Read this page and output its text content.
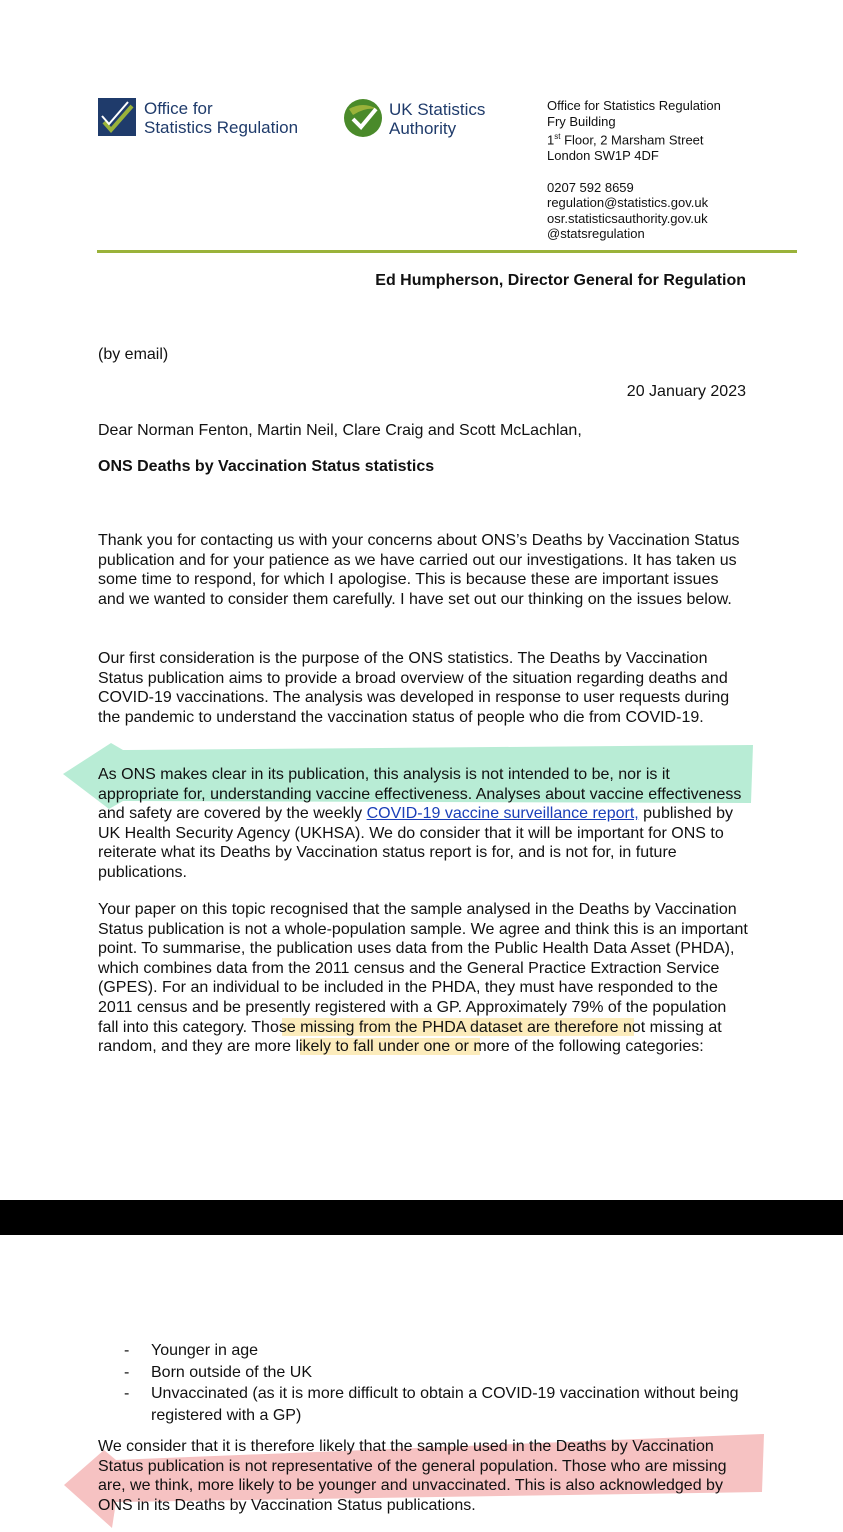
Office for
Statistics Regulation
UK Statistics
Authority
Office for Statistics Regulation
Fry Building
1st Floor, 2 Marsham Street
London SW1P 4DF
0207 592 8659
regulation@statistics.gov.uk
osr.statisticsauthority.gov.uk
@statsregulation
Ed Humpherson, Director General for Regulation
(by email)
20 January 2023
Dear Norman Fenton, Martin Neil, Clare Craig and Scott McLachlan,
ONS Deaths by Vaccination Status statistics
Thank you for contacting us with your concerns about ONS’s Deaths by Vaccination Status publication and for your patience as we have carried out our investigations. It has taken us some time to respond, for which I apologise. This is because these are important issues and we wanted to consider them carefully. I have set out our thinking on the issues below.
Our first consideration is the purpose of the ONS statistics. The Deaths by Vaccination Status publication aims to provide a broad overview of the situation regarding deaths and COVID-19 vaccinations. The analysis was developed in response to user requests during the pandemic to understand the vaccination status of people who die from COVID-19.
As ONS makes clear in its publication, this analysis is not intended to be, nor is it appropriate for, understanding vaccine effectiveness. Analyses about vaccine effectiveness and safety are covered by the weekly COVID-19 vaccine surveillance report, published by UK Health Security Agency (UKHSA). We do consider that it will be important for ONS to reiterate what its Deaths by Vaccination status report is for, and is not for, in future publications.
Your paper on this topic recognised that the sample analysed in the Deaths by Vaccination Status publication is not a whole-population sample. We agree and think this is an important point. To summarise, the publication uses data from the Public Health Data Asset (PHDA), which combines data from the 2011 census and the General Practice Extraction Service (GPES). For an individual to be included in the PHDA, they must have responded to the 2011 census and be presently registered with a GP. Approximately 79% of the population fall into this category. Those missing from the PHDA dataset are therefore not missing at random, and they are more likely to fall under one or more of the following categories:
- Younger in age
- Born outside of the UK
- Unvaccinated (as it is more difficult to obtain a COVID-19 vaccination without being registered with a GP)
We consider that it is therefore likely that the sample used in the Deaths by Vaccination Status publication is not representative of the general population. Those who are missing are, we think, more likely to be younger and unvaccinated. This is also acknowledged by ONS in its Deaths by Vaccination Status publications.
